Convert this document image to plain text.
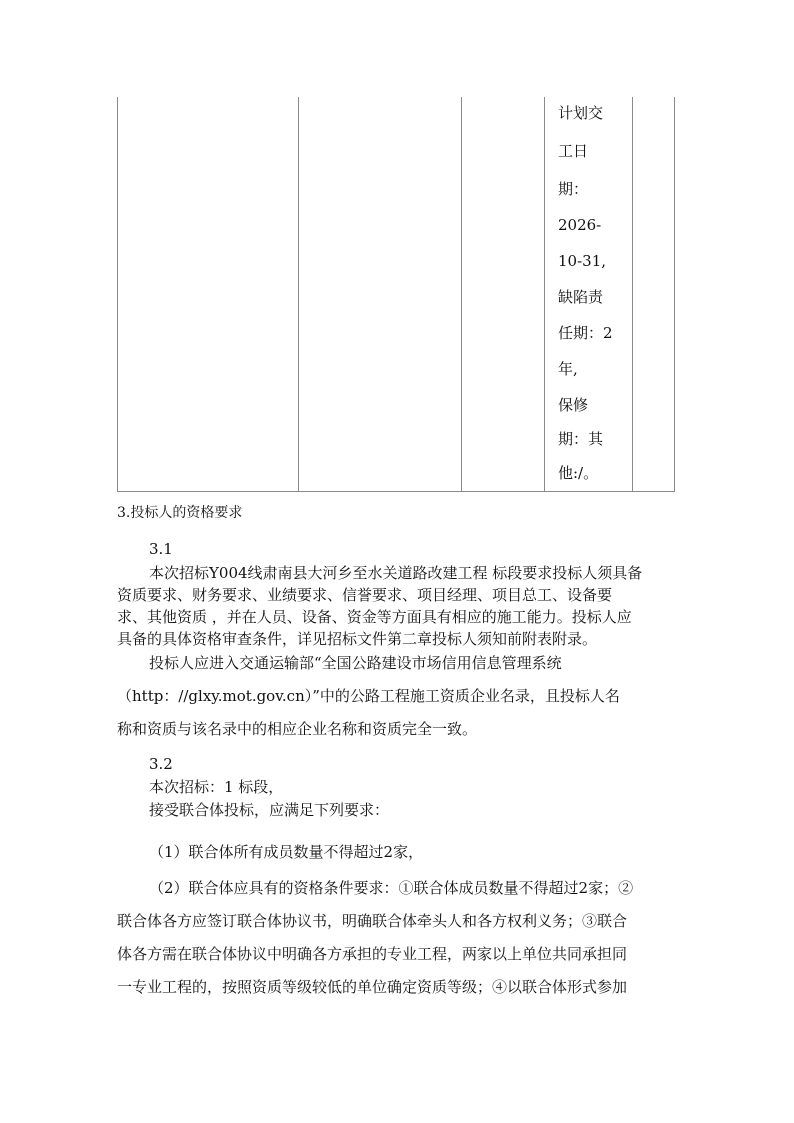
计划交
工日
期：
2026-
10-31,
缺陷责
任期：2
年,
保修
期：其
他:/。
3.投标人的资格要求
3.1
本次招标Y004线肃南县大河乡至水关道路改建工程 标段要求投标人须具备
资质要求、财务要求、业绩要求、信誉要求、项目经理、项目总工、设备要
求、其他资质 ，并在人员、设备、资金等方面具有相应的施工能力。投标人应
具备的具体资格审查条件，详见招标文件第二章投标人须知前附表附录。
投标人应进入交通运输部“全国公路建设市场信用信息管理系统
（http：//glxy.mot.gov.cn）”中的公路工程施工资质企业名录，且投标人名
称和资质与该名录中的相应企业名称和资质完全一致。
3.2
本次招标：1 标段，
接受联合体投标，应满足下列要求：
（1）联合体所有成员数量不得超过2家，
（2）联合体应具有的资格条件要求：①联合体成员数量不得超过2家；②
联合体各方应签订联合体协议书，明确联合体牵头人和各方权利义务；③联合
体各方需在联合体协议中明确各方承担的专业工程，两家以上单位共同承担同
一专业工程的，按照资质等级较低的单位确定资质等级；④以联合体形式参加
